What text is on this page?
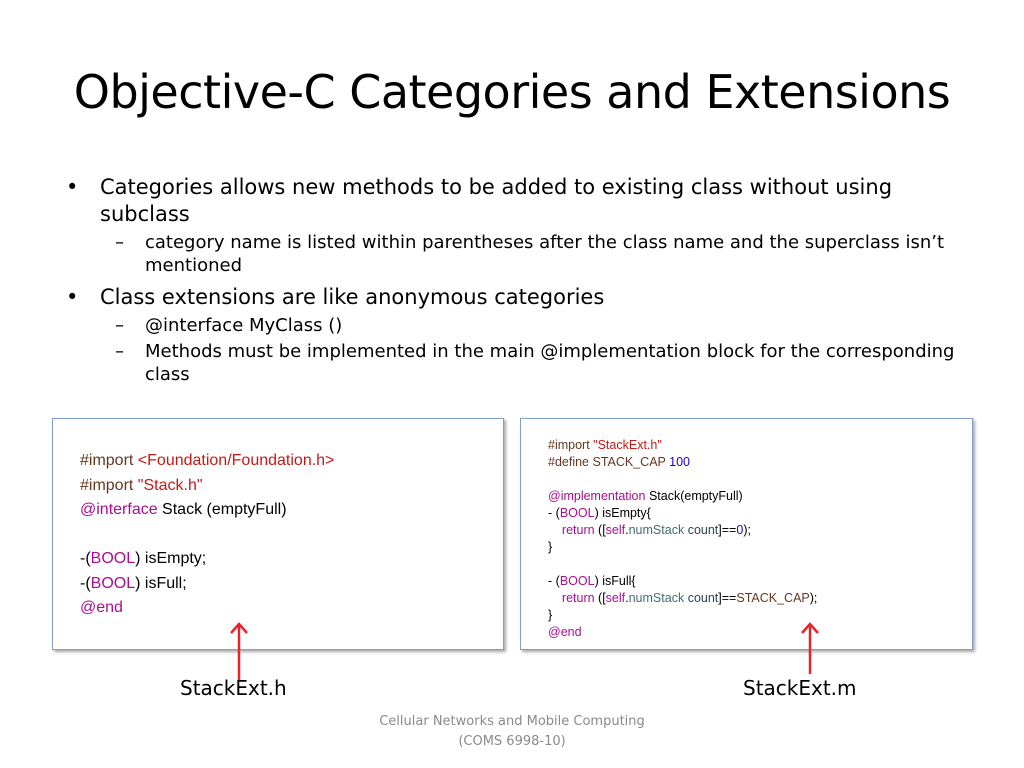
Objective-C Categories and Extensions
• Categories allows new methods to be added to existing class without using subclass
– category name is listed within parentheses after the class name and the superclass isn’t mentioned
• Class extensions are like anonymous categories
– @interface MyClass ()
– Methods must be implemented in the main @implementation block for the corresponding class
#import <Foundation/Foundation.h>
#import "Stack.h"
@interface Stack (emptyFull)

-(BOOL) isEmpty;
-(BOOL) isFull;
@end
#import "StackExt.h"
#define STACK_CAP 100

@implementation Stack(emptyFull)
- (BOOL) isEmpty{
return ([self.numStack count]==0);
}

- (BOOL) isFull{
return ([self.numStack count]==STACK_CAP);
}
@end
StackExt.h	StackExt.m
Cellular Networks and Mobile Computing
(COMS 6998-10)
